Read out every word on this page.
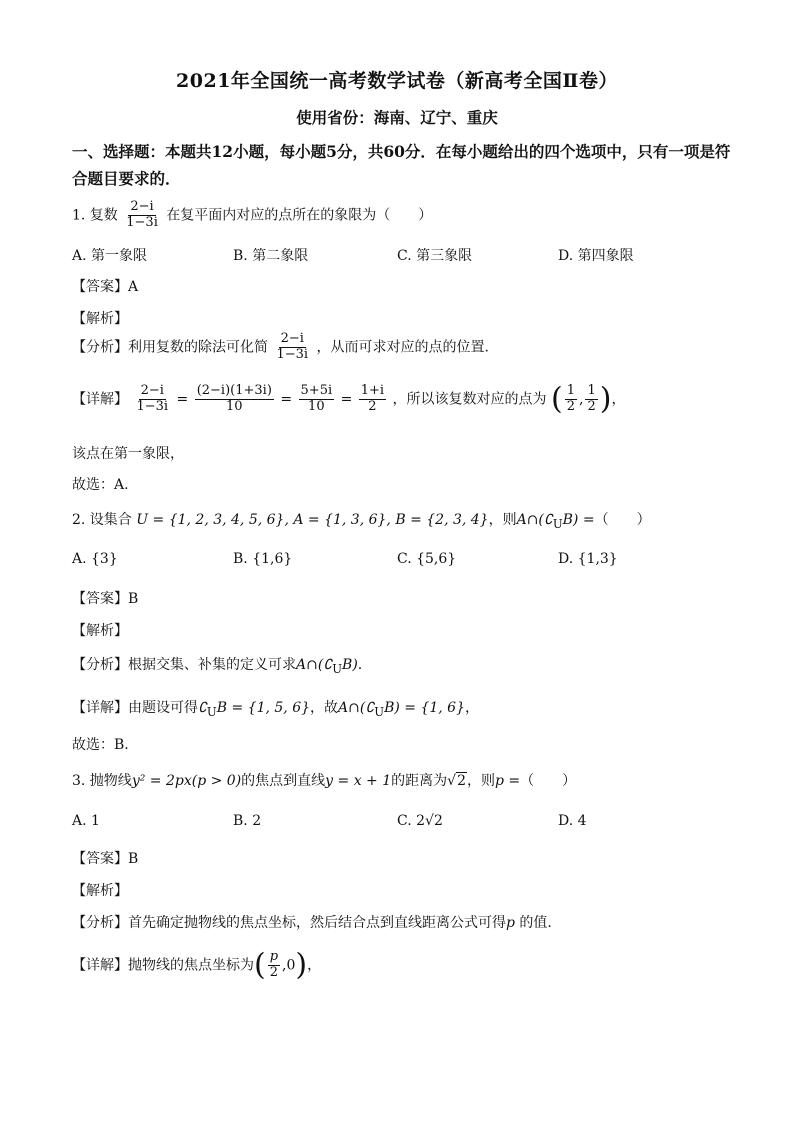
2021年全国统一高考数学试卷（新高考全国Ⅱ卷）
使用省份：海南、辽宁、重庆
一、选择题：本题共12小题，每小题5分，共60分．在每小题给出的四个选项中，只有一项是符合题目要求的．
1. 复数 $\frac{2-i}{1-3i}$ 在复平面内对应的点所在的象限为（　　）
A. 第一象限	B. 第二象限	C. 第三象限	D. 第四象限
【答案】A
【解析】
【分析】利用复数的除法可化简 $\frac{2-i}{1-3i}$ ，从而可求对应的点的位置.
【详解】 $\frac{2-i}{1-3i} = \frac{(2-i)(1+3i)}{10} = \frac{5+5i}{10} = \frac{1+i}{2}$ ，所以该复数对应的点为 ( $\frac{1}{2}$ , $\frac{1}{2}$ )，
该点在第一象限，
故选：A.
2. 设集合 U = {1, 2, 3, 4, 5, 6}, A = {1, 3, 6}, B = {2, 3, 4}，则$A\cap(∁_UB)$ =（　　）
A. {3}	B. {1,6}	C. {5,6}	D. {1,3}
【答案】B
【解析】
【分析】根据交集、补集的定义可求$A\cap(∁_UB)$.
【详解】由题设可得$∁_UB = \{1$, 5, 6}，故$A\cap(∁_UB) = \{1$, 6}，
故选：B.
3. 抛物线y² = 2px(p > 0)的焦点到直线y = x + 1的距离为√2，则p =（　　）
A. 1	B. 2	C. 2√2	D. 4
【答案】B
【解析】
【分析】首先确定抛物线的焦点坐标，然后结合点到直线距离公式可得p 的值.
【详解】抛物线的焦点坐标为( $\frac{p}{2} ,0$)，
